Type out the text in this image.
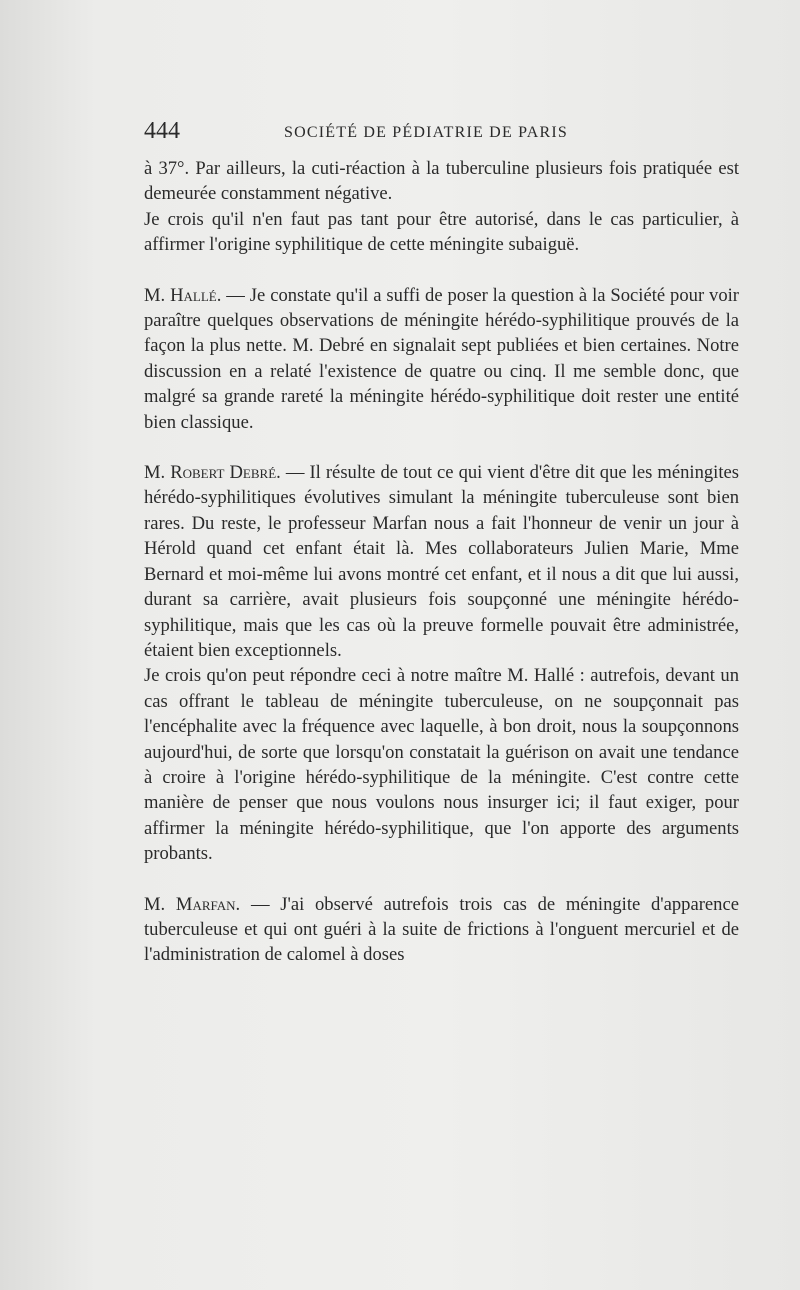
444	SOCIÉTÉ DE PÉDIATRIE DE PARIS

à 37°. Par ailleurs, la cuti-réaction à la tuberculine plusieurs fois pratiquée est demeurée constamment négative.

Je crois qu'il n'en faut pas tant pour être autorisé, dans le cas particulier, à affirmer l'origine syphilitique de cette méningite subaiguë.

M. Hallé. — Je constate qu'il a suffi de poser la question à la Société pour voir paraître quelques observations de méningite hérédo-syphilitique prouvés de la façon la plus nette. M. Debré en signalait sept publiées et bien certaines. Notre discussion en a relaté l'existence de quatre ou cinq. Il me semble donc, que malgré sa grande rareté la méningite hérédo-syphilitique doit rester une entité bien classique.

M. Robert Debré. — Il résulte de tout ce qui vient d'être dit que les méningites hérédo-syphilitiques évolutives simulant la méningite tuberculeuse sont bien rares. Du reste, le professeur Marfan nous a fait l'honneur de venir un jour à Hérold quand cet enfant était là. Mes collaborateurs Julien Marie, Mme Bernard et moi-même lui avons montré cet enfant, et il nous a dit que lui aussi, durant sa carrière, avait plusieurs fois soupçonné une méningite hérédo-syphilitique, mais que les cas où la preuve formelle pouvait être administrée, étaient bien exceptionnels.

Je crois qu'on peut répondre ceci à notre maître M. Hallé : autrefois, devant un cas offrant le tableau de méningite tuberculeuse, on ne soupçonnait pas l'encéphalite avec la fréquence avec laquelle, à bon droit, nous la soupçonnons aujourd'hui, de sorte que lorsqu'on constatait la guérison on avait une tendance à croire à l'origine hérédo-syphilitique de la méningite. C'est contre cette manière de penser que nous voulons nous insurger ici; il faut exiger, pour affirmer la méningite hérédo-syphilitique, que l'on apporte des arguments probants.

M. Marfan. — J'ai observé autrefois trois cas de méningite d'apparence tuberculeuse et qui ont guéri à la suite de frictions à l'onguent mercuriel et de l'administration de calomel à doses
